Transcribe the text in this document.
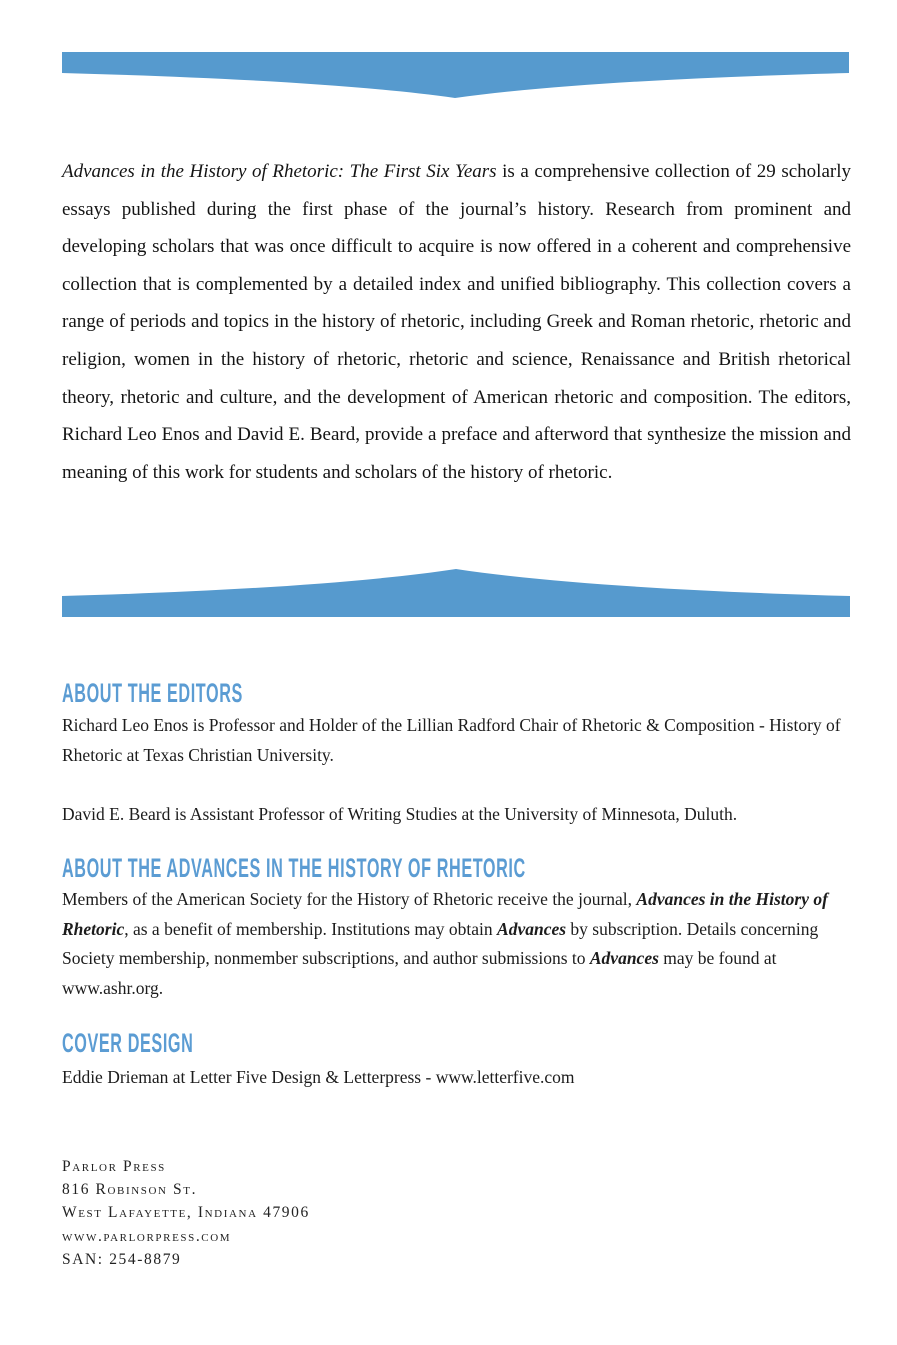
Advances in the History of Rhetoric: The First Six Years is a comprehensive collection of 29 scholarly essays published during the first phase of the journal’s history. Research from prominent and developing scholars that was once difficult to acquire is now offered in a coherent and comprehensive collection that is complemented by a detailed index and unified bibliography. This collection covers a range of periods and topics in the history of rhetoric, including Greek and Roman rhetoric, rhetoric and religion, women in the history of rhetoric, rhetoric and science, Renaissance and British rhetorical theory, rhetoric and culture, and the development of American rhetoric and composition. The editors, Richard Leo Enos and David E. Beard, provide a preface and afterword that synthesize the mission and meaning of this work for students and scholars of the history of rhetoric.

ABOUT THE EDITORS

Richard Leo Enos is Professor and Holder of the Lillian Radford Chair of Rhetoric & Composition - History of Rhetoric at Texas Christian University.

David E. Beard is Assistant Professor of Writing Studies at the University of Minnesota, Duluth.

ABOUT THE ADVANCES IN THE HISTORY OF RHETORIC

Members of the American Society for the History of Rhetoric receive the journal, Advances in the History of Rhetoric, as a benefit of membership. Institutions may obtain Advances by subscription. Details concerning Society membership, nonmember subscriptions, and author submissions to Advances may be found at www.ashr.org.

COVER DESIGN

Eddie Drieman at Letter Five Design & Letterpress - www.letterfive.com

Parlor Press
816 Robinson St.
West Lafayette, Indiana 47906
www.parlorpress.com
SAN: 254-8879
